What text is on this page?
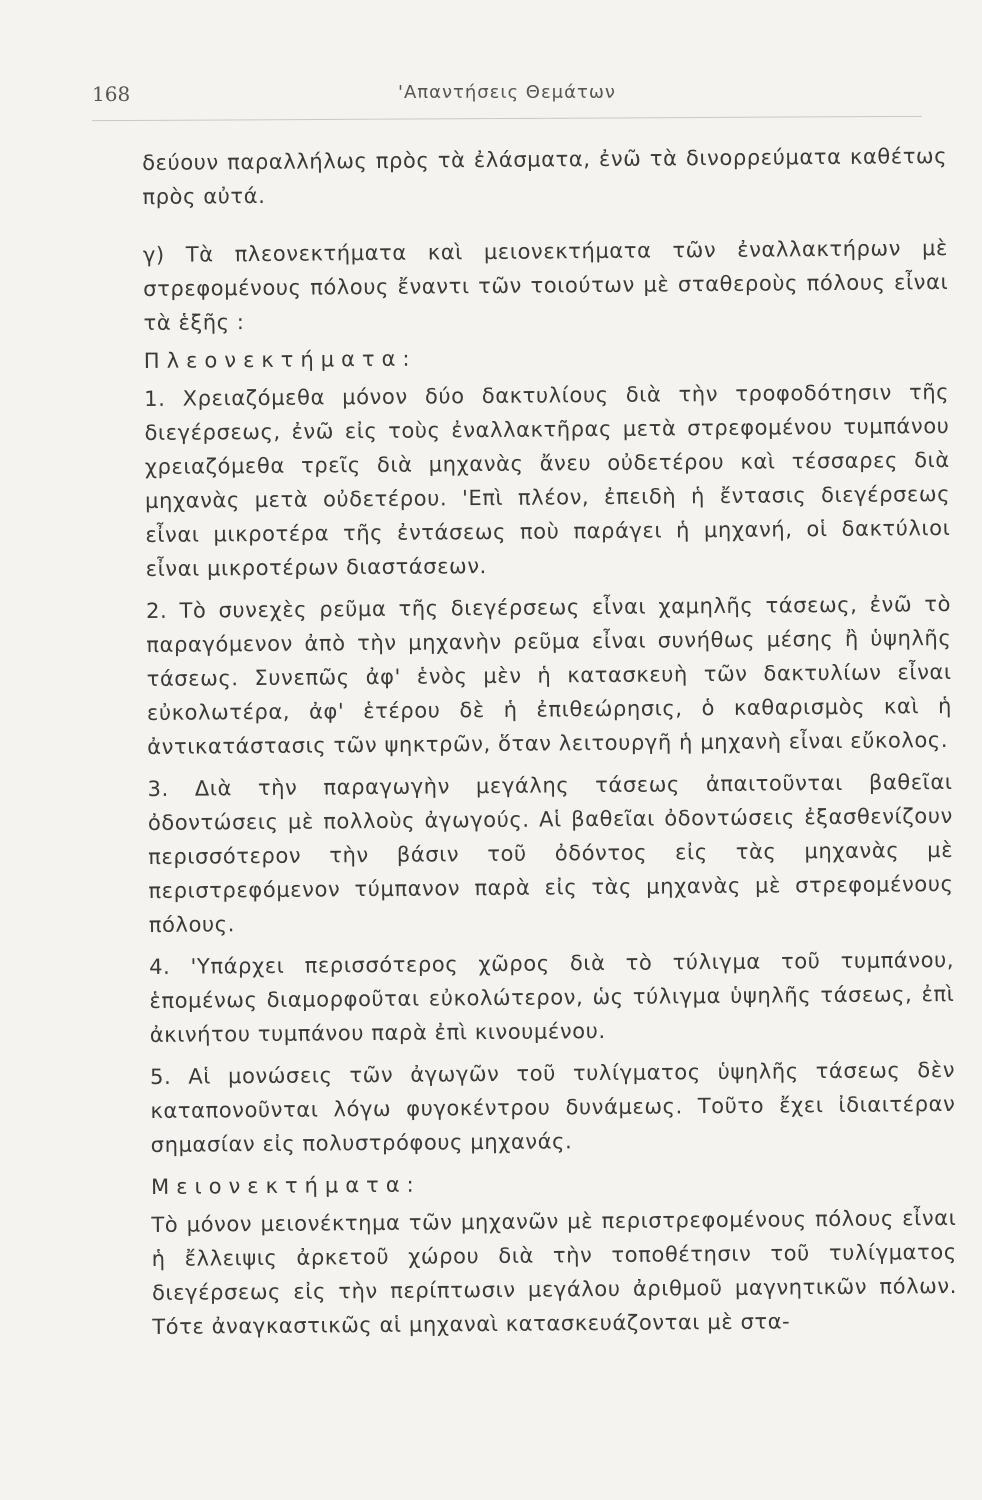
168	'Απαντήσεις Θεμάτων

δεύουν παραλλήλως πρὸς τὰ ἐλάσματα, ἐνῶ τὰ δινορρεύματα καθέτως πρὸς αὐτά.

γ) Τὰ πλεονεκτήματα καὶ μειονεκτήματα τῶν ἐναλλακτήρων μὲ στρεφομένους πόλους ἔναντι τῶν τοιούτων μὲ σταθεροὺς πόλους εἶναι τὰ ἑξῆς :

Πλεονεκτήματα:

1. Χρειαζόμεθα μόνον δύο δακτυλίους διὰ τὴν τροφοδότησιν τῆς διεγέρσεως, ἐνῶ εἰς τοὺς ἐναλλακτῆρας μετὰ στρεφομένου τυμπάνου χρειαζόμεθα τρεῖς διὰ μηχανὰς ἄνευ οὐδετέρου καὶ τέσσαρες διὰ μηχανὰς μετὰ οὐδετέρου. 'Επὶ πλέον, ἐπειδὴ ἡ ἔντασις διεγέρσεως εἶναι μικροτέρα τῆς ἐντάσεως ποὺ παράγει ἡ μηχανή, οἱ δακτύλιοι εἶναι μικροτέρων διαστάσεων.

2. Τὸ συνεχὲς ρεῦμα τῆς διεγέρσεως εἶναι χαμηλῆς τάσεως, ἐνῶ τὸ παραγόμενον ἀπὸ τὴν μηχανὴν ρεῦμα εἶναι συνήθως μέσης ἢ ὑψηλῆς τάσεως. Συνεπῶς ἀφ' ἑνὸς μὲν ἡ κατασκευὴ τῶν δακτυλίων εἶναι εὐκολωτέρα, ἀφ' ἑτέρου δὲ ἡ ἐπιθεώρησις, ὁ καθαρισμὸς καὶ ἡ ἀντικατάστασις τῶν ψηκτρῶν, ὅταν λειτουργῆ ἡ μηχανὴ εἶναι εὔκολος.

3. Διὰ τὴν παραγωγὴν μεγάλης τάσεως ἀπαιτοῦνται βαθεῖαι ὀδοντώσεις μὲ πολλοὺς ἀγωγούς. Αἱ βαθεῖαι ὀδοντώσεις ἐξασθενίζουν περισσότερον τὴν βάσιν τοῦ ὀδόντος εἰς τὰς μηχανὰς μὲ περιστρεφόμενον τύμπανον παρὰ εἰς τὰς μηχανὰς μὲ στρεφομένους πόλους.

4. 'Υπάρχει περισσότερος χῶρος διὰ τὸ τύλιγμα τοῦ τυμπάνου, ἑπομένως διαμορφοῦται εὐκολώτερον, ὡς τύλιγμα ὑψηλῆς τάσεως, ἐπὶ ἀκινήτου τυμπάνου παρὰ ἐπὶ κινουμένου.

5. Αἱ μονώσεις τῶν ἀγωγῶν τοῦ τυλίγματος ὑψηλῆς τάσεως δὲν καταπονοῦνται λόγω φυγοκέντρου δυνάμεως. Τοῦτο ἔχει ἰδιαιτέραν σημασίαν εἰς πολυστρόφους μηχανάς.

Μειονεκτήματα:

Τὸ μόνον μειονέκτημα τῶν μηχανῶν μὲ περιστρεφομένους πόλους εἶναι ἡ ἔλλειψις ἀρκετοῦ χώρου διὰ τὴν τοποθέτησιν τοῦ τυλίγματος διεγέρσεως εἰς τὴν περίπτωσιν μεγάλου ἀριθμοῦ μαγνητικῶν πόλων. Τότε ἀναγκαστικῶς αἱ μηχαναὶ κατασκευάζονται μὲ στα-
